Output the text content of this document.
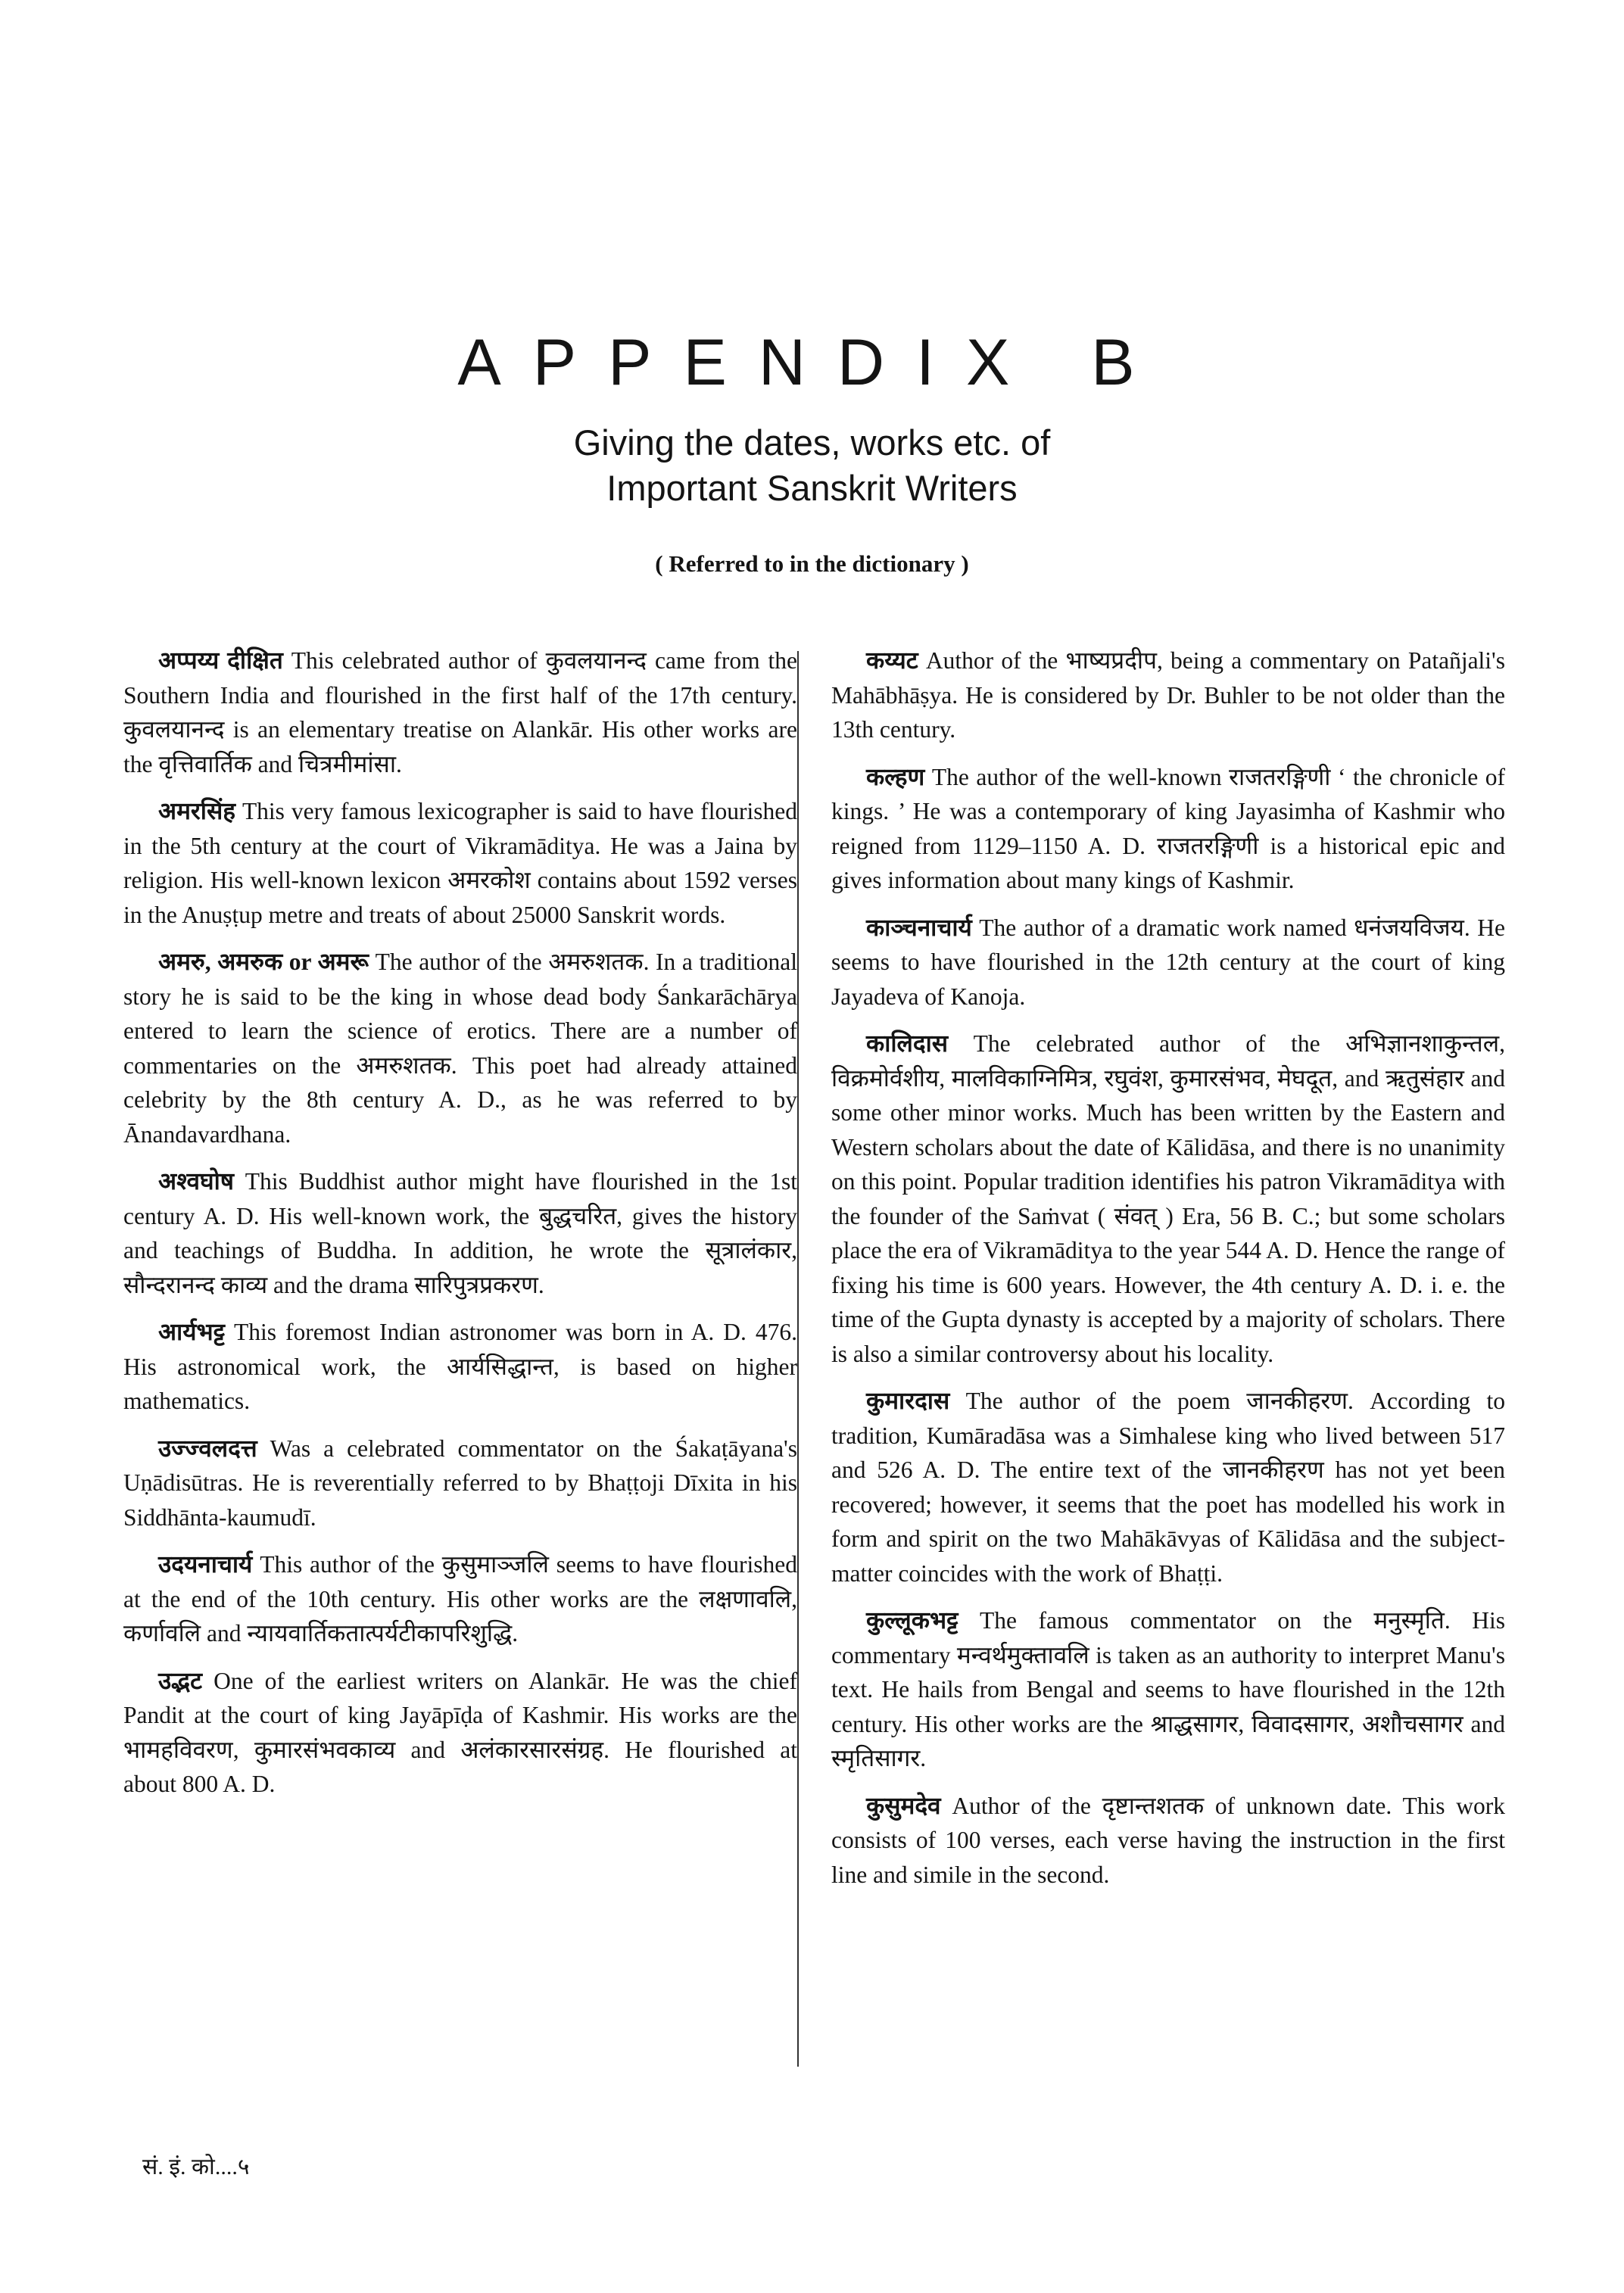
APPENDIX B

Giving the dates, works etc. of
Important Sanskrit Writers

( Referred to in the dictionary )

अप्पय्य दीक्षित This celebrated author of कुवलयानन्द came from the Southern India and flourished in the first half of the 17th century. कुवलयानन्द is an elementary treatise on Alankār. His other works are the वृत्तिवार्तिक and चित्रमीमांसा.

अमरसिंह This very famous lexicographer is said to have flourished in the 5th century at the court of Vikramāditya. He was a Jaina by religion. His well-known lexicon अमरकोश contains about 1592 verses in the Anuṣṭup metre and treats of about 25000 Sanskrit words.

अमरु, अमरुक or अमरू The author of the अमरुशतक. In a traditional story he is said to be the king in whose dead body Śankarāchārya entered to learn the science of erotics. There are a number of commentaries on the अमरुशतक. This poet had already attained celebrity by the 8th century A. D., as he was referred to by Ānandavardhana.

अश्वघोष This Buddhist author might have flourished in the 1st century A. D. His well-known work, the बुद्धचरित, gives the history and teachings of Buddha. In addition, he wrote the सूत्रालंकार, सौन्दरानन्द काव्य and the drama सारिपुत्रप्रकरण.

आर्यभट्ट This foremost Indian astronomer was born in A. D. 476. His astronomical work, the आर्यसिद्धान्त, is based on higher mathematics.

उज्ज्वलदत्त Was a celebrated commentator on the Śakaṭāyana's Uṇādisūtras. He is reverentially referred to by Bhaṭṭoji Dīxita in his Siddhānta-kaumudī.

उदयनाचार्य This author of the कुसुमाञ्जलि seems to have flourished at the end of the 10th century. His other works are the लक्षणावलि, कर्णावलि and न्यायवार्तिकतात्पर्यटीकापरिशुद्धि.

उद्भट One of the earliest writers on Alankār. He was the chief Pandit at the court of king Jayāpīḍa of Kashmir. His works are the भामहविवरण, कुमारसंभवकाव्य and अलंकारसारसंग्रह. He flourished at about 800 A. D.

कय्यट Author of the भाष्यप्रदीप, being a commentary on Patañjali's Mahābhāṣya. He is considered by Dr. Buhler to be not older than the 13th century.

कल्हण The author of the well-known राजतरङ्गिणी ‘ the chronicle of kings. ’ He was a contemporary of king Jayasimha of Kashmir who reigned from 1129–1150 A. D. राजतरङ्गिणी is a historical epic and gives information about many kings of Kashmir.

काञ्चनाचार्य The author of a dramatic work named धनंजयविजय. He seems to have flourished in the 12th century at the court of king Jayadeva of Kanoja.

कालिदास The celebrated author of the अभिज्ञानशाकुन्तल, विक्रमोर्वशीय, मालविकाग्निमित्र, रघुवंश, कुमारसंभव, मेघदूत, and ऋतुसंहार and some other minor works. Much has been written by the Eastern and Western scholars about the date of Kālidāsa, and there is no unanimity on this point. Popular tradition identifies his patron Vikramāditya with the founder of the Saṁvat ( संवत् ) Era, 56 B. C.; but some scholars place the era of Vikramāditya to the year 544 A. D. Hence the range of fixing his time is 600 years. However, the 4th century A. D. i. e. the time of the Gupta dynasty is accepted by a majority of scholars. There is also a similar controversy about his locality.

कुमारदास The author of the poem जानकीहरण. According to tradition, Kumāradāsa was a Simhalese king who lived between 517 and 526 A. D. The entire text of the जानकीहरण has not yet been recovered; however, it seems that the poet has modelled his work in form and spirit on the two Mahākāvyas of Kālidāsa and the subject-matter coincides with the work of Bhaṭṭi.

कुल्लूकभट्ट The famous commentator on the मनुस्मृति. His commentary मन्वर्थमुक्तावलि is taken as an authority to interpret Manu's text. He hails from Bengal and seems to have flourished in the 12th century. His other works are the श्राद्धसागर, विवादसागर, अशौचसागर and स्मृतिसागर.

कुसुमदेव Author of the दृष्टान्तशतक of unknown date. This work consists of 100 verses, each verse having the instruction in the first line and simile in the second.

सं. इं. को....५
